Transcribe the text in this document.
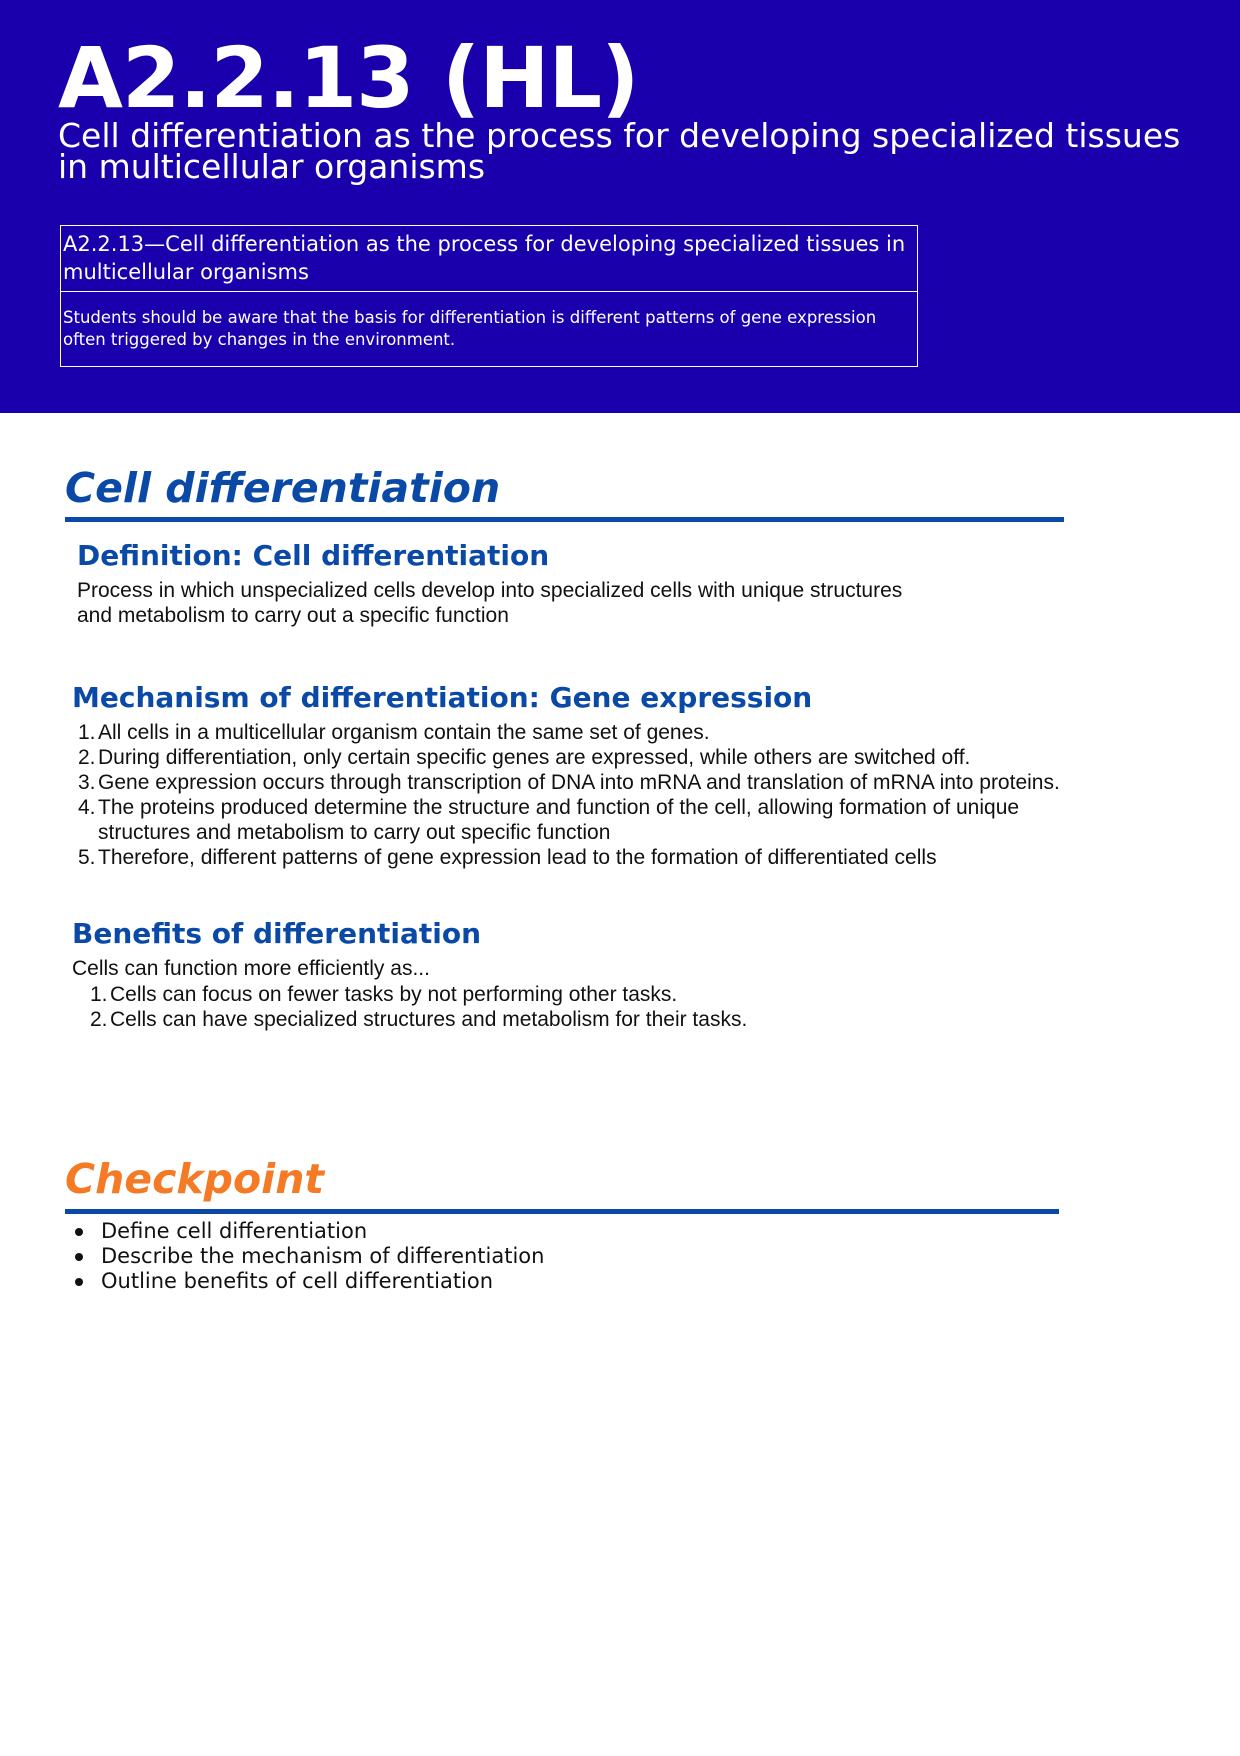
A2.2.13 (HL)
Cell differentiation as the process for developing specialized tissues in multicellular organisms
A2.2.13—Cell differentiation as the process for developing specialized tissues in multicellular organisms
Students should be aware that the basis for differentiation is different patterns of gene expression often triggered by changes in the environment.
Cell differentiation
Definition: Cell differentiation
Process in which unspecialized cells develop into specialized cells with unique structures
and metabolism to carry out a specific function
Mechanism of differentiation: Gene expression
1. All cells in a multicellular organism contain the same set of genes.
2. During differentiation, only certain specific genes are expressed, while others are switched off.
3. Gene expression occurs through transcription of DNA into mRNA and translation of mRNA into proteins.
4. The proteins produced determine the structure and function of the cell, allowing formation of unique structures and metabolism to carry out specific function
5. Therefore, different patterns of gene expression lead to the formation of differentiated cells
Benefits of differentiation
Cells can function more efficiently as...
1. Cells can focus on fewer tasks by not performing other tasks.
2. Cells can have specialized structures and metabolism for their tasks.
Checkpoint
Define cell differentiation
Describe the mechanism of differentiation
Outline benefits of cell differentiation
